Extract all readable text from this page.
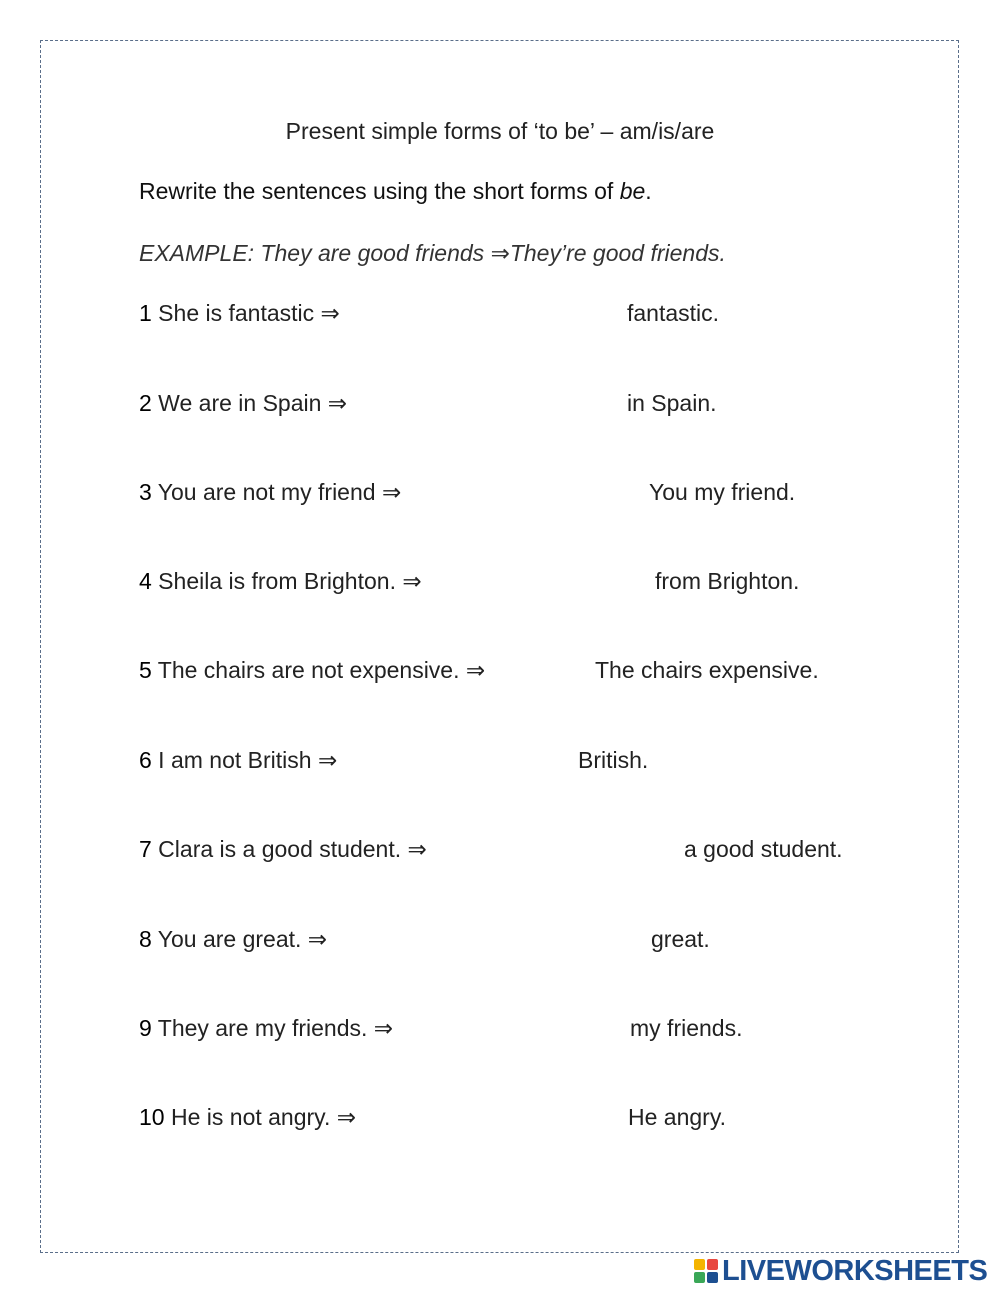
Present simple forms of ‘to be’ – am/is/are
Rewrite the sentences using the short forms of be.
EXAMPLE: They are good friends ⇒They’re good friends.
1 She is fantastic ⇒	fantastic.
2 We are in Spain ⇒	in Spain.
3 You are not my friend ⇒	You my friend.
4 Sheila is from Brighton. ⇒	from Brighton.
5 The chairs are not expensive. ⇒	The chairs expensive.
6 I am not British ⇒	British.
7 Clara is a good student. ⇒	a good student.
8 You are great. ⇒	great.
9 They are my friends. ⇒	my friends.
10 He is not angry. ⇒	He angry.
LIVEWORKSHEETS
